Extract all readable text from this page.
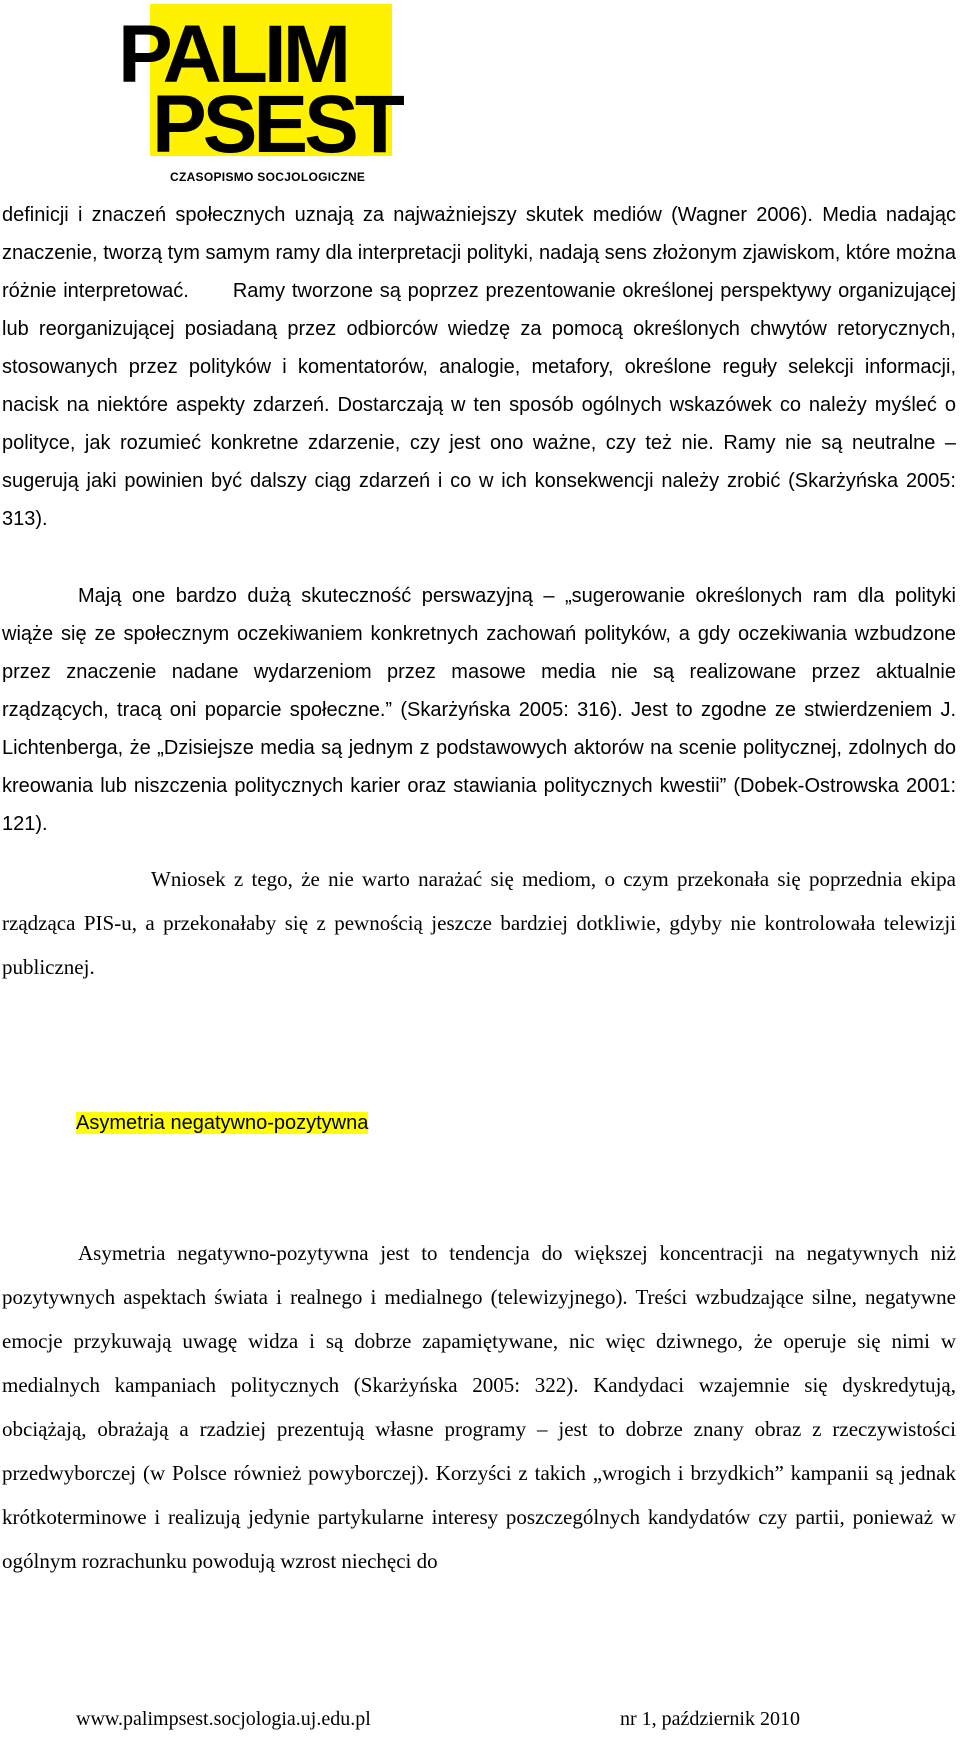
PALIM
PSEST
CZASOPISMO SOCJOLOGICZNE

definicji i znaczeń społecznych uznają za najważniejszy skutek mediów (Wagner 2006). Media nadając znaczenie, tworzą tym samym ramy dla interpretacji polityki, nadają sens złożonym zjawiskom, które można różnie interpretować. Ramy tworzone są poprzez prezentowanie określonej perspektywy organizującej lub reorganizującej posiadaną przez odbiorców wiedzę za pomocą określonych chwytów retorycznych, stosowanych przez polityków i komentatorów, analogie, metafory, określone reguły selekcji informacji, nacisk na niektóre aspekty zdarzeń. Dostarczają w ten sposób ogólnych wskazówek co należy myśleć o polityce, jak rozumieć konkretne zdarzenie, czy jest ono ważne, czy też nie. Ramy nie są neutralne – sugerują jaki powinien być dalszy ciąg zdarzeń i co w ich konsekwencji należy zrobić (Skarżyńska 2005: 313).

Mają one bardzo dużą skuteczność perswazyjną – „sugerowanie określonych ram dla polityki wiąże się ze społecznym oczekiwaniem konkretnych zachowań polityków, a gdy oczekiwania wzbudzone przez znaczenie nadane wydarzeniom przez masowe media nie są realizowane przez aktualnie rządzących, tracą oni poparcie społeczne.” (Skarżyńska 2005: 316). Jest to zgodne ze stwierdzeniem J. Lichtenberga, że „Dzisiejsze media są jednym z podstawowych aktorów na scenie politycznej, zdolnych do kreowania lub niszczenia politycznych karier oraz stawiania politycznych kwestii” (Dobek-Ostrowska 2001: 121).

Wniosek z tego, że nie warto narażać się mediom, o czym przekonała się poprzednia ekipa rządząca PIS-u, a przekonałaby się z pewnością jeszcze bardziej dotkliwie, gdyby nie kontrolowała telewizji publicznej.

Asymetria negatywno-pozytywna

Asymetria negatywno-pozytywna jest to tendencja do większej koncentracji na negatywnych niż pozytywnych aspektach świata i realnego i medialnego (telewizyjnego). Treści wzbudzające silne, negatywne emocje przykuwają uwagę widza i są dobrze zapamiętywane, nic więc dziwnego, że operuje się nimi w medialnych kampaniach politycznych (Skarżyńska 2005: 322). Kandydaci wzajemnie się dyskredytują, obciążają, obrażają a rzadziej prezentują własne programy – jest to dobrze znany obraz z rzeczywistości przedwyborczej (w Polsce również powyborczej). Korzyści z takich „wrogich i brzydkich” kampanii są jednak krótkoterminowe i realizują jedynie partykularne interesy poszczególnych kandydatów czy partii, ponieważ w ogólnym rozrachunku powodują wzrost niechęci do

www.palimpsest.socjologia.uj.edu.pl	nr 1, październik 2010
